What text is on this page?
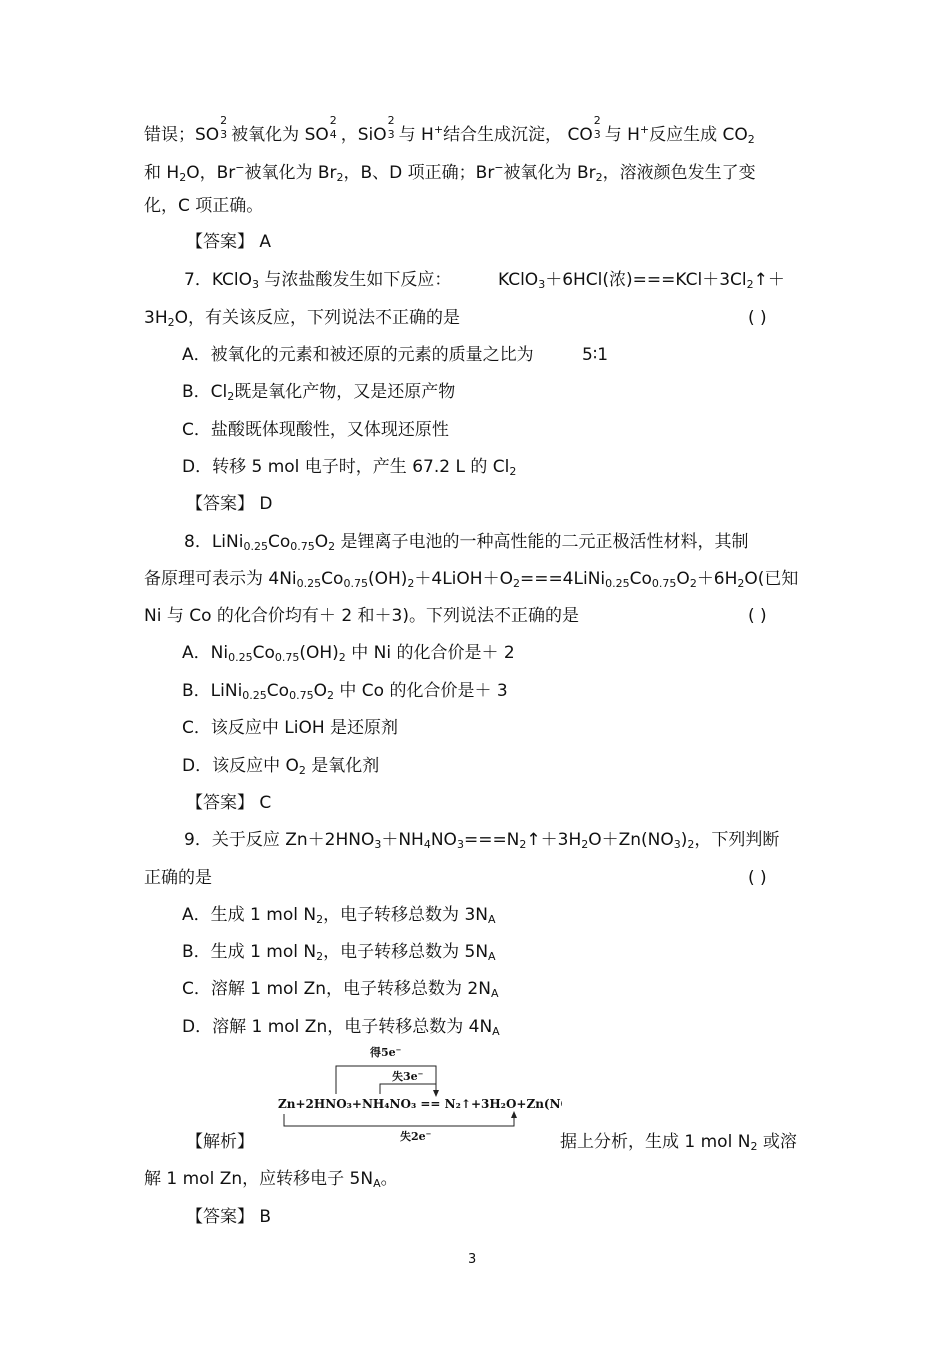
错误；SO
2
3 被氧化为 SO
2
4 ，SiO
2
3 与 H+结合生成沉淀， CO
2
3 与 H+反应生成 $CO_2$
和 $H_2O$，Br−被氧化为 $Br_2$，B、D 项正确；Br−被氧化为 $Br_2$，溶液颜色发生了变
化，C 项正确。
【答案】 A
7．KClO$_3$ 与浓盐酸发生如下反应：	KClO$_3$＋6HCl(浓)$===KCl+3Cl_2↑+$
$3H_2O$，有关该反应，下列说法不正确的是	( )
A．被氧化的元素和被还原的元素的质量之比为	5∶1
B．$Cl_2$既是氧化产物，又是还原产物
C．盐酸既体现酸性，又体现还原性
D．转移 5 mol 电子时，产生 67.2 L 的 $Cl_2$
【答案】 D
8．$LiNi_{0.25}Co_{0.75}O_2$ 是锂离子电池的一种高性能的二元正极活性材料，其制
备原理可表示为 $4Ni_{0.25}Co_{0.75}(OH)_2+4LiOH+O_2===4LiNi_{0.25}Co_{0.75}O_2+6H_2O$(已知
Ni 与 Co 的化合价均有＋ 2 和＋3)。下列说法不正确的是	( )
A．$Ni_{0.25}Co_{0.75}(OH)_2$ 中 Ni 的化合价是＋ 2
B．$LiNi_{0.25}Co_{0.75}O_2$ 中 Co 的化合价是＋ 3
C．该反应中 LiOH 是还原剂
D．该反应中 $O_2$ 是氧化剂
【答案】 C
9．关于反应 $Zn+2HNO_3+NH_4NO_3===N_2↑+3H_2O+Zn(NO_3)_2$，下列判断
正确的是	( )
A．生成 1 mol $N_2$，电子转移总数为 $3N_A$
B．生成 1 mol $N_2$，电子转移总数为 $5N_A$
C．溶解 1 mol Zn，电子转移总数为 $2N_A$
D．溶解 1 mol Zn，电子转移总数为 $4N_A$
得5e−
失3e−
Zn+2HNO₃+NH₄NO₃ == N₂↑+3H₂O+Zn(NO₃)₂
失2e−
【解析】	据上分析，生成 1 mol $N_2$ 或溶
解 1 mol Zn，应转移电子 $5N_A$。
【答案】 B
3
